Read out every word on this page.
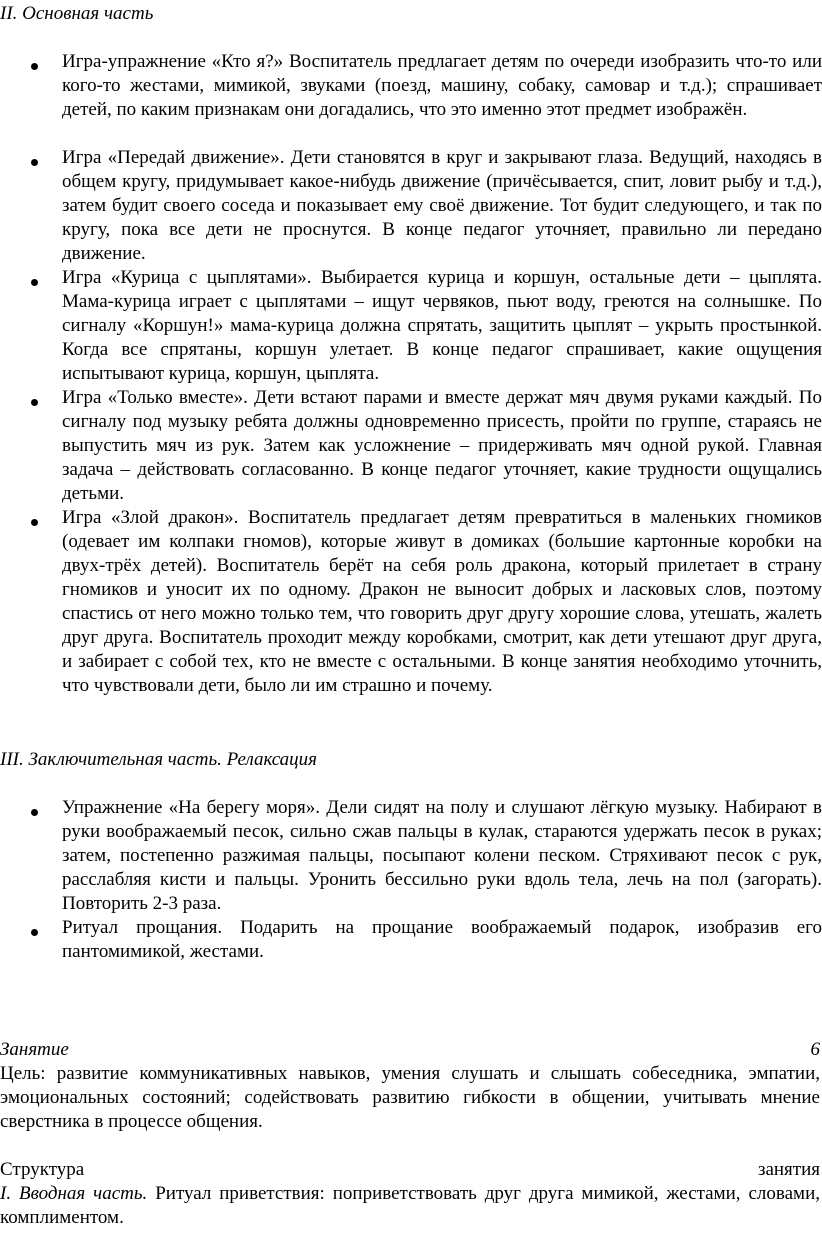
II. Основная часть
Игра-упражнение «Кто я?» Воспитатель предлагает детям по очереди изобразить что-то или кого-то жестами, мимикой, звуками (поезд, машину, собаку, самовар и т.д.); спрашивает детей, по каким признакам они догадались, что это именно этот предмет изображён.
Игра «Передай движение». Дети становятся в круг и закрывают глаза. Ведущий, находясь в общем кругу, придумывает какое-нибудь движение (причёсывается, спит, ловит рыбу и т.д.), затем будит своего соседа и показывает ему своё движение. Тот будит следующего, и так по кругу, пока все дети не проснутся. В конце педагог уточняет, правильно ли передано движение.
Игра «Курица с цыплятами». Выбирается курица и коршун, остальные дети – цыплята. Мама-курица играет с цыплятами – ищут червяков, пьют воду, греются на солнышке. По сигналу «Коршун!» мама-курица должна спрятать, защитить цыплят – укрыть простынкой. Когда все спрятаны, коршун улетает. В конце педагог спрашивает, какие ощущения испытывают курица, коршун, цыплята.
Игра «Только вместе». Дети встают парами и вместе держат мяч двумя руками каждый. По сигналу под музыку ребята должны одновременно присесть, пройти по группе, стараясь не выпустить мяч из рук. Затем как усложнение – придерживать мяч одной рукой. Главная задача – действовать согласованно. В конце педагог уточняет, какие трудности ощущались детьми.
Игра «Злой дракон». Воспитатель предлагает детям превратиться в маленьких гномиков (одевает им колпаки гномов), которые живут в домиках (большие картонные коробки на двух-трёх детей). Воспитатель берёт на себя роль дракона, который прилетает в страну гномиков и уносит их по одному. Дракон не выносит добрых и ласковых слов, поэтому спастись от него можно только тем, что говорить друг другу хорошие слова, утешать, жалеть друг друга. Воспитатель проходит между коробками, смотрит, как дети утешают друг друга, и забирает с собой тех, кто не вместе с остальными. В конце занятия необходимо уточнить, что чувствовали дети, было ли им страшно и почему.
III. Заключительная часть. Релаксация
Упражнение «На берегу моря». Дели сидят на полу и слушают лёгкую музыку. Набирают в руки воображаемый песок, сильно сжав пальцы в кулак, стараются удержать песок в руках; затем, постепенно разжимая пальцы, посыпают колени песком. Стряхивают песок с рук, расслабляя кисти и пальцы. Уронить бессильно руки вдоль тела, лечь на пол (загорать). Повторить 2-3 раза.
Ритуал прощания. Подарить на прощание воображаемый подарок, изобразив его пантомимикой, жестами.
Занятие	6
Цель: развитие коммуникативных навыков, умения слушать и слышать собеседника, эмпатии, эмоциональных состояний; содействовать развитию гибкости в общении, учитывать мнение сверстника в процессе общения.
Структура	занятия
I. Вводная часть. Ритуал приветствия: поприветствовать друг друга мимикой, жестами, словами, комплиментом.
